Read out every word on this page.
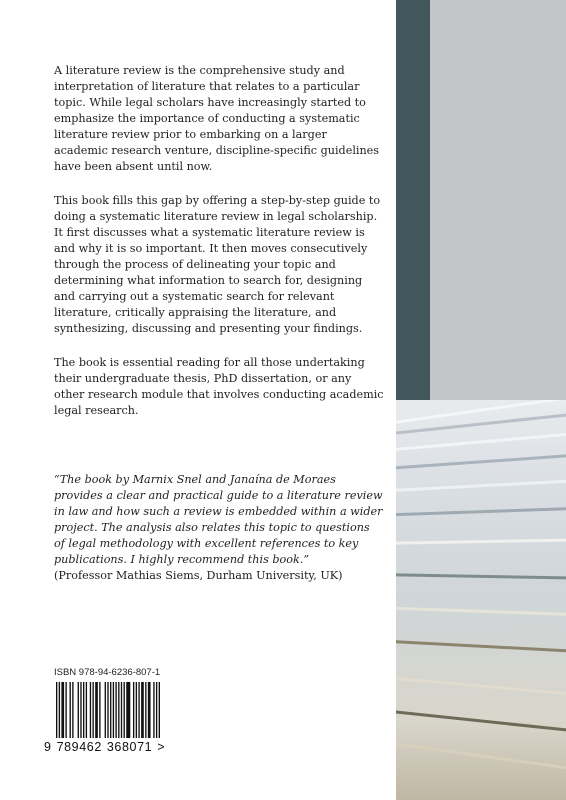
A literature review is the comprehensive study and interpretation of literature that relates to a particular topic. While legal scholars have increasingly started to emphasize the importance of conducting a systematic literature review prior to embarking on a larger academic research venture, discipline-specific guidelines have been absent until now.

This book fills this gap by offering a step-by-step guide to doing a systematic literature review in legal scholarship. It first discusses what a systematic literature review is and why it is so important. It then moves consecutively through the process of delineating your topic and determining what information to search for, designing and carrying out a systematic search for relevant literature, critically appraising the literature, and synthesizing, discussing and presenting your findings.

The book is essential reading for all those undertaking their undergraduate thesis, PhD dissertation, or any other research module that involves conducting academic legal research.

“The book by Marnix Snel and Janaína de Moraes provides a clear and practical guide to a literature review in law and how such a review is embedded within a wider project. The analysis also relates this topic to questions of legal methodology with excellent references to key publications. I highly recommend this book.”
(Professor Mathias Siems, Durham University, UK)
ISBN 978-94-6236-807-1
9 789462 368071 >
